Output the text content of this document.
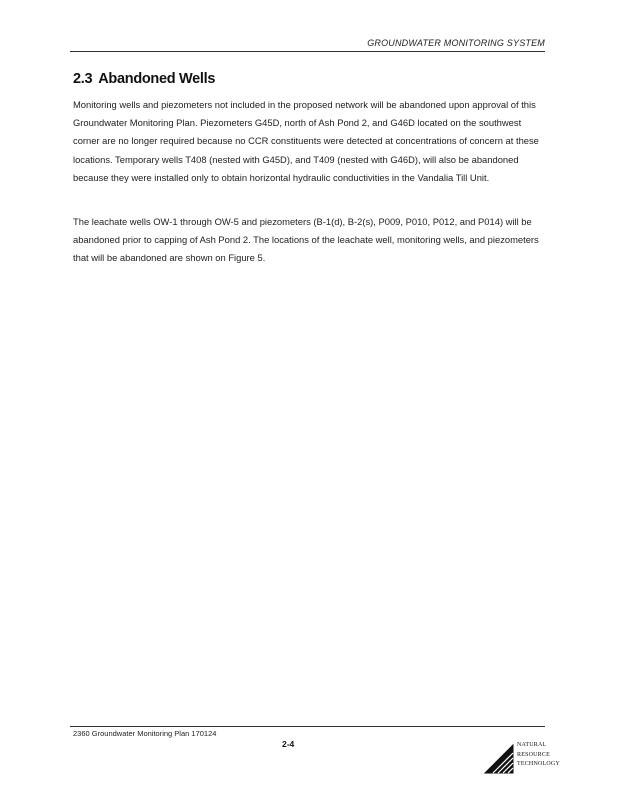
GROUNDWATER MONITORING SYSTEM
2.3 Abandoned Wells

Monitoring wells and piezometers not included in the proposed network will be abandoned upon approval of this Groundwater Monitoring Plan. Piezometers G45D, north of Ash Pond 2, and G46D located on the southwest corner are no longer required because no CCR constituents were detected at concentrations of concern at these locations. Temporary wells T408 (nested with G45D), and T409 (nested with G46D), will also be abandoned because they were installed only to obtain horizontal hydraulic conductivities in the Vandalia Till Unit.

The leachate wells OW-1 through OW-5 and piezometers (B-1(d), B-2(s), P009, P010, P012, and P014) will be abandoned prior to capping of Ash Pond 2. The locations of the leachate well, monitoring wells, and piezometers that will be abandoned are shown on Figure 5.

2360 Groundwater Monitoring Plan 170124
2-4	NATURAL
RESOURCE
TECHNOLOGY
